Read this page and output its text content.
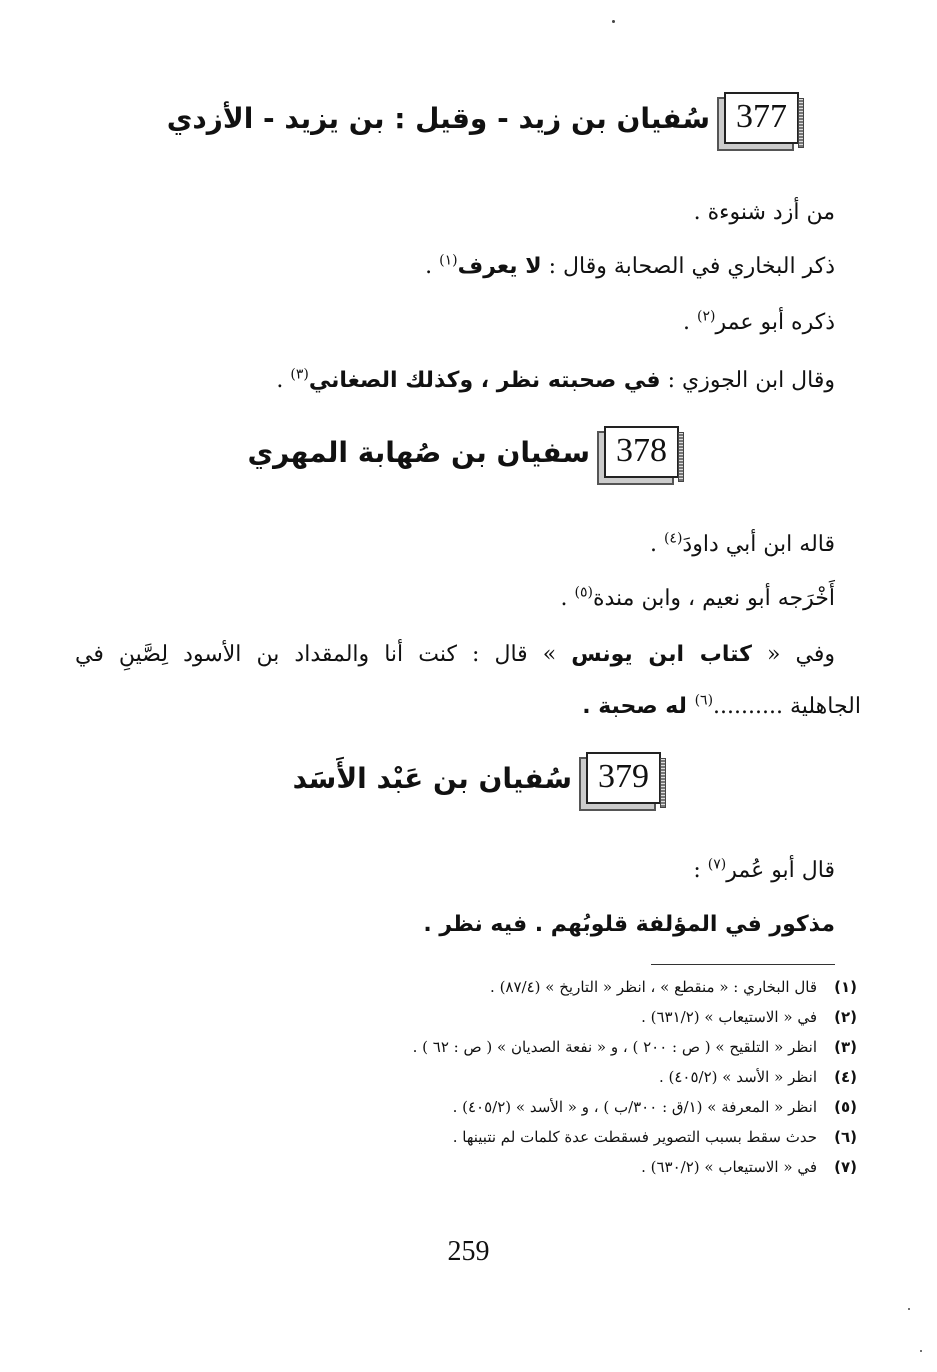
377
سُفيان بن زيد - وقيل : بن يزيد - الأزدي
من أزد شنوءة .
ذكر البخاري في الصحابة وقال : لا يعرف$^{(١)}$ .
ذكره أبو عمر$^{(٢)}$ .
وقال ابن الجوزي : في صحبته نظر ، وكذلك الصغاني$^{(٣)}$ .
378
سفيان بن صُهابة المهري
قاله ابن أبي داودَ$^{(٤)}$ .
أَخْرَجه أبو نعيم ، وابن مندة$^{(٥)}$ .
وفي « كتاب ابن يونس » قال : كنت أنا والمقداد بن الأسود لِصَّينِ في
الجاهلية ..........$^{(٦)}$ له صحبة .
379
سُفيان بن عَبْد الأَسَد
قال أبو عُمر$^{(٧)}$ :
مذكور في المؤلفة قلوبُهم . فيه نظر .
(١)قال البخاري : « منقطع » ، انظر « التاريخ » (٨٧/٤) .
(٢)في « الاستيعاب » (٦٣١/٢) .
(٣)انظر « التلقيح » ( ص : ٢٠٠ ) ، و « نفعة الصديان » ( ص : ٦٢ ) .
(٤)انظر « الأسد » (٤٠٥/٢) .
(٥)انظر « المعرفة » (١/ق : ٣٠٠/ب ) ، و « الأسد » (٤٠٥/٢) .
(٦)حدث سقط بسبب التصوير فسقطت عدة كلمات لم نتبينها .
(٧)في « الاستيعاب » (٦٣٠/٢) .
259
